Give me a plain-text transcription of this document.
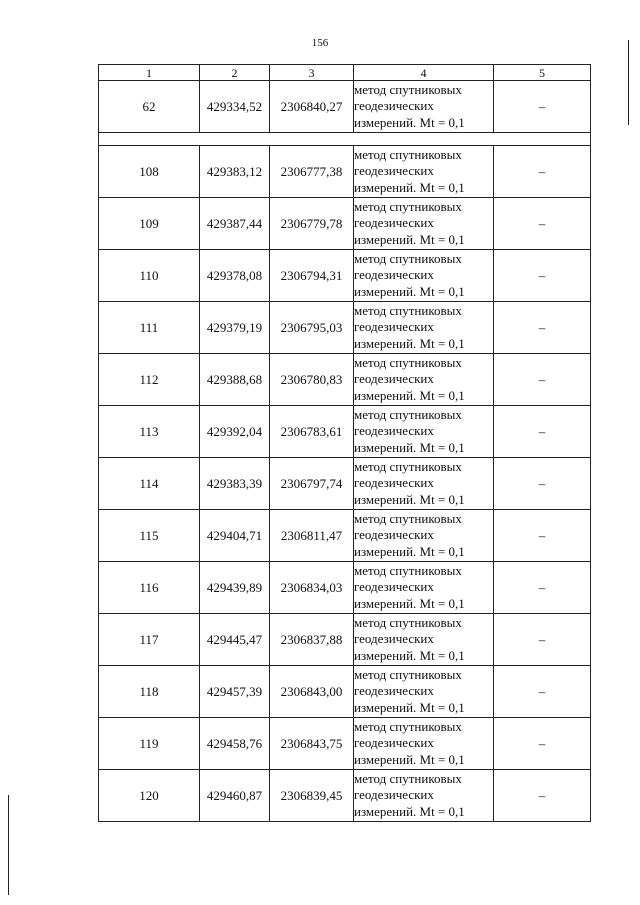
156
1	2	3	4	5
62	429334,52	2306840,27	метод спутниковых
геодезических
измерений. Mt = 0,1	–

108	429383,12	2306777,38	метод спутниковых
геодезических
измерений. Mt = 0,1	–
109	429387,44	2306779,78	метод спутниковых
геодезических
измерений. Mt = 0,1	–
110	429378,08	2306794,31	метод спутниковых
геодезических
измерений. Mt = 0,1	–
111	429379,19	2306795,03	метод спутниковых
геодезических
измерений. Mt = 0,1	–
112	429388,68	2306780,83	метод спутниковых
геодезических
измерений. Mt = 0,1	–
113	429392,04	2306783,61	метод спутниковых
геодезических
измерений. Mt = 0,1	–
114	429383,39	2306797,74	метод спутниковых
геодезических
измерений. Mt = 0,1	–
115	429404,71	2306811,47	метод спутниковых
геодезических
измерений. Mt = 0,1	–
116	429439,89	2306834,03	метод спутниковых
геодезических
измерений. Mt = 0,1	–
117	429445,47	2306837,88	метод спутниковых
геодезических
измерений. Mt = 0,1	–
118	429457,39	2306843,00	метод спутниковых
геодезических
измерений. Mt = 0,1	–
119	429458,76	2306843,75	метод спутниковых
геодезических
измерений. Mt = 0,1	–
120	429460,87	2306839,45	метод спутниковых
геодезических
измерений. Mt = 0,1	–
